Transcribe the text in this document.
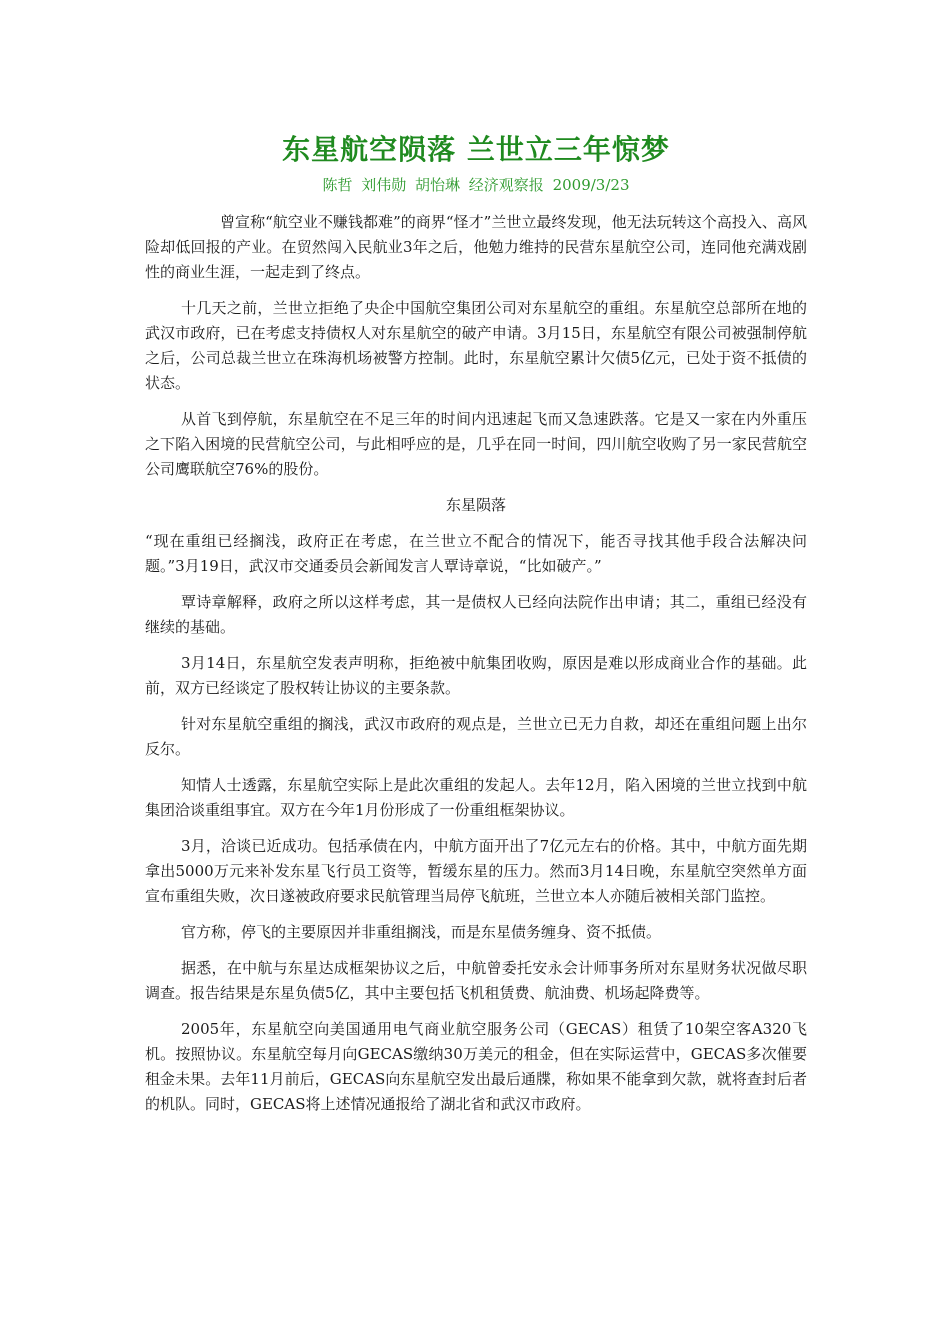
东星航空陨落 兰世立三年惊梦
陈哲 刘伟勋 胡怡琳 经济观察报 2009/3/23

曾宣称“航空业不赚钱都难”的商界“怪才”兰世立最终发现，他无法玩转这个高投入、高风险却低回报的产业。在贸然闯入民航业3年之后，他勉力维持的民营东星航空公司，连同他充满戏剧性的商业生涯，一起走到了终点。

十几天之前，兰世立拒绝了央企中国航空集团公司对东星航空的重组。东星航空总部所在地的武汉市政府，已在考虑支持债权人对东星航空的破产申请。3月15日，东星航空有限公司被强制停航之后，公司总裁兰世立在珠海机场被警方控制。此时，东星航空累计欠债5亿元，已处于资不抵债的状态。

从首飞到停航，东星航空在不足三年的时间内迅速起飞而又急速跌落。它是又一家在内外重压之下陷入困境的民营航空公司，与此相呼应的是，几乎在同一时间，四川航空收购了另一家民营航空公司鹰联航空76%的股份。

东星陨落

“现在重组已经搁浅，政府正在考虑，在兰世立不配合的情况下，能否寻找其他手段合法解决问题。”3月19日，武汉市交通委员会新闻发言人覃诗章说，“比如破产。”

覃诗章解释，政府之所以这样考虑，其一是债权人已经向法院作出申请；其二，重组已经没有继续的基础。

3月14日，东星航空发表声明称，拒绝被中航集团收购，原因是难以形成商业合作的基础。此前，双方已经谈定了股权转让协议的主要条款。

针对东星航空重组的搁浅，武汉市政府的观点是，兰世立已无力自救，却还在重组问题上出尔反尔。

知情人士透露，东星航空实际上是此次重组的发起人。去年12月，陷入困境的兰世立找到中航集团洽谈重组事宜。双方在今年1月份形成了一份重组框架协议。

3月，洽谈已近成功。包括承债在内，中航方面开出了7亿元左右的价格。其中，中航方面先期拿出5000万元来补发东星飞行员工资等，暂缓东星的压力。然而3月14日晚，东星航空突然单方面宣布重组失败，次日遂被政府要求民航管理当局停飞航班，兰世立本人亦随后被相关部门监控。

官方称，停飞的主要原因并非重组搁浅，而是东星债务缠身、资不抵债。

据悉，在中航与东星达成框架协议之后，中航曾委托安永会计师事务所对东星财务状况做尽职调查。报告结果是东星负债5亿，其中主要包括飞机租赁费、航油费、机场起降费等。

2005年，东星航空向美国通用电气商业航空服务公司（GECAS）租赁了10架空客A320飞机。按照协议。东星航空每月向GECAS缴纳30万美元的租金，但在实际运营中，GECAS多次催要租金未果。去年11月前后，GECAS向东星航空发出最后通牒，称如果不能拿到欠款，就将查封后者的机队。同时，GECAS将上述情况通报给了湖北省和武汉市政府。
